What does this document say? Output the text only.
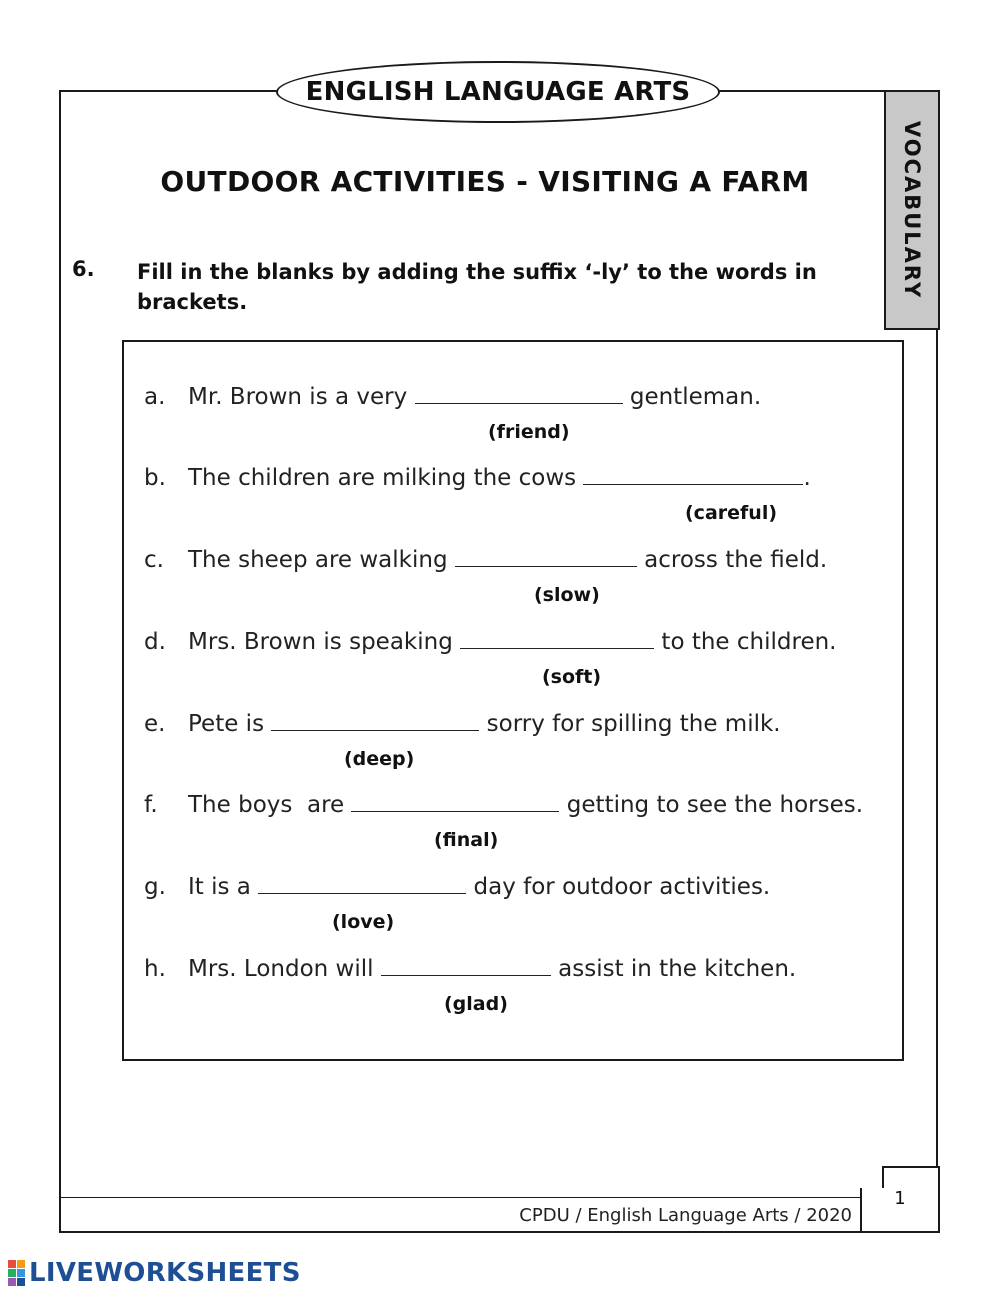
ENGLISH LANGUAGE ARTS
VOCABULARY
OUTDOOR ACTIVITIES - VISITING A FARM
6. Fill in the blanks by adding the suffix ‘-ly’ to the words in brackets.
a. Mr. Brown is a very	gentleman.
(friend)
b. The children are milking the cows	.
(careful)
c. The sheep are walking	across the field.
(slow)
d. Mrs. Brown is speaking	to the children.
(soft)
e. Pete is	sorry for spilling the milk.
(deep)
f. The boys  are	getting to see the horses.
(final)
g. It is a	day for outdoor activities.
(love)
h. Mrs. London will	assist in the kitchen.
(glad)
CPDU / English Language Arts / 2020
1
LIVEWORKSHEETS
